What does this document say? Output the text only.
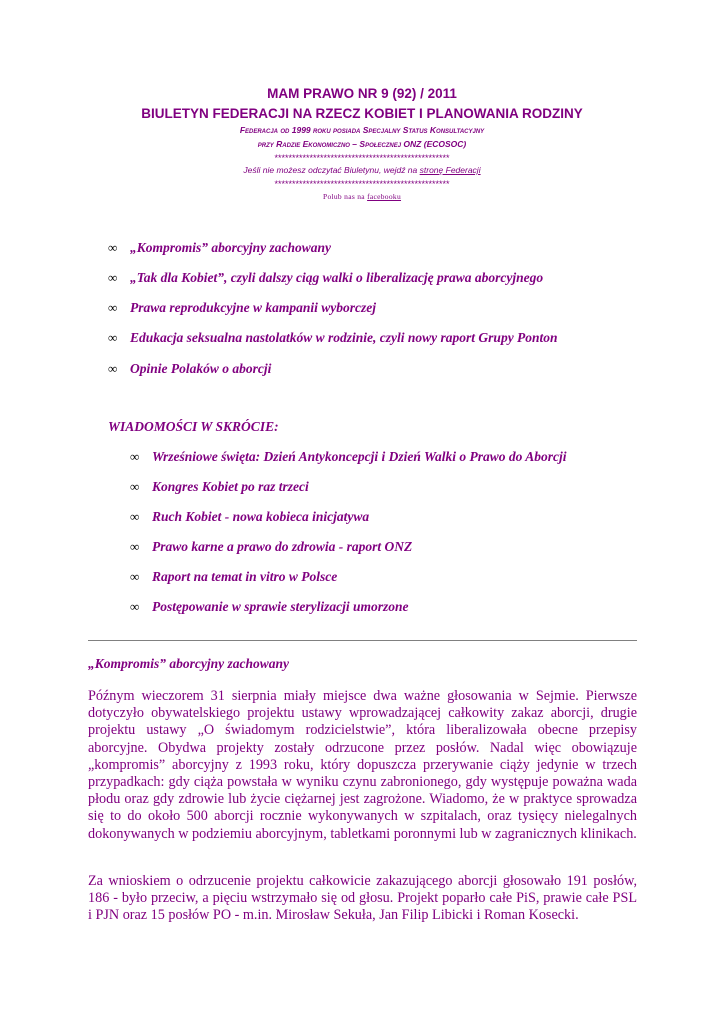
MAM PRAWO NR 9 (92) / 2011
BIULETYN FEDERACJI NA RZECZ KOBIET I PLANOWANIA RODZINY
Federacja od 1999 roku posiada Specjalny Status Konsultacyjny
przy Radzie Ekonomiczno – Społecznej ONZ (ECOSOC)
**************************************************
Jeśli nie możesz odczytać Biuletynu, wejdź na stronę Federacji
**************************************************
Polub nas na facebooku
∞ „Kompromis” aborcyjny zachowany
∞ „Tak dla Kobiet”, czyli dalszy ciąg walki o liberalizację prawa aborcyjnego
∞ Prawa reprodukcyjne w kampanii wyborczej
∞ Edukacja seksualna nastolatków w rodzinie, czyli nowy raport Grupy Ponton
∞ Opinie Polaków o aborcji
WIADOMOŚCI W SKRÓCIE:
∞ Wrześniowe święta: Dzień Antykoncepcji i Dzień Walki o Prawo do Aborcji
∞ Kongres Kobiet po raz trzeci
∞ Ruch Kobiet - nowa kobieca inicjatywa
∞ Prawo karne a prawo do zdrowia - raport ONZ
∞ Raport na temat in vitro w Polsce
∞ Postępowanie w sprawie sterylizacji umorzone
„Kompromis” aborcyjny zachowany

Późnym wieczorem 31 sierpnia miały miejsce dwa ważne głosowania w Sejmie. Pierwsze dotyczyło obywatelskiego projektu ustawy wprowadzającej całkowity zakaz aborcji, drugie projektu ustawy „O świadomym rodzicielstwie”, która liberalizowała obecne przepisy aborcyjne. Obydwa projekty zostały odrzucone przez posłów. Nadal więc obowiązuje „kompromis” aborcyjny z 1993 roku, który dopuszcza przerywanie ciąży jedynie w trzech przypadkach: gdy ciąża powstała w wyniku czynu zabronionego, gdy występuje poważna wada płodu oraz gdy zdrowie lub życie ciężarnej jest zagrożone. Wiadomo, że w praktyce sprowadza się to do około 500 aborcji rocznie wykonywanych w szpitalach, oraz tysięcy nielegalnych dokonywanych w podziemiu aborcyjnym, tabletkami poronnymi lub w zagranicznych klinikach.

Za wnioskiem o odrzucenie projektu całkowicie zakazującego aborcji głosowało 191 posłów, 186 - było przeciw, a pięciu wstrzymało się od głosu. Projekt poparło całe PiS, prawie całe PSL i PJN oraz 15 posłów PO - m.in. Mirosław Sekuła, Jan Filip Libicki i Roman Kosecki.
